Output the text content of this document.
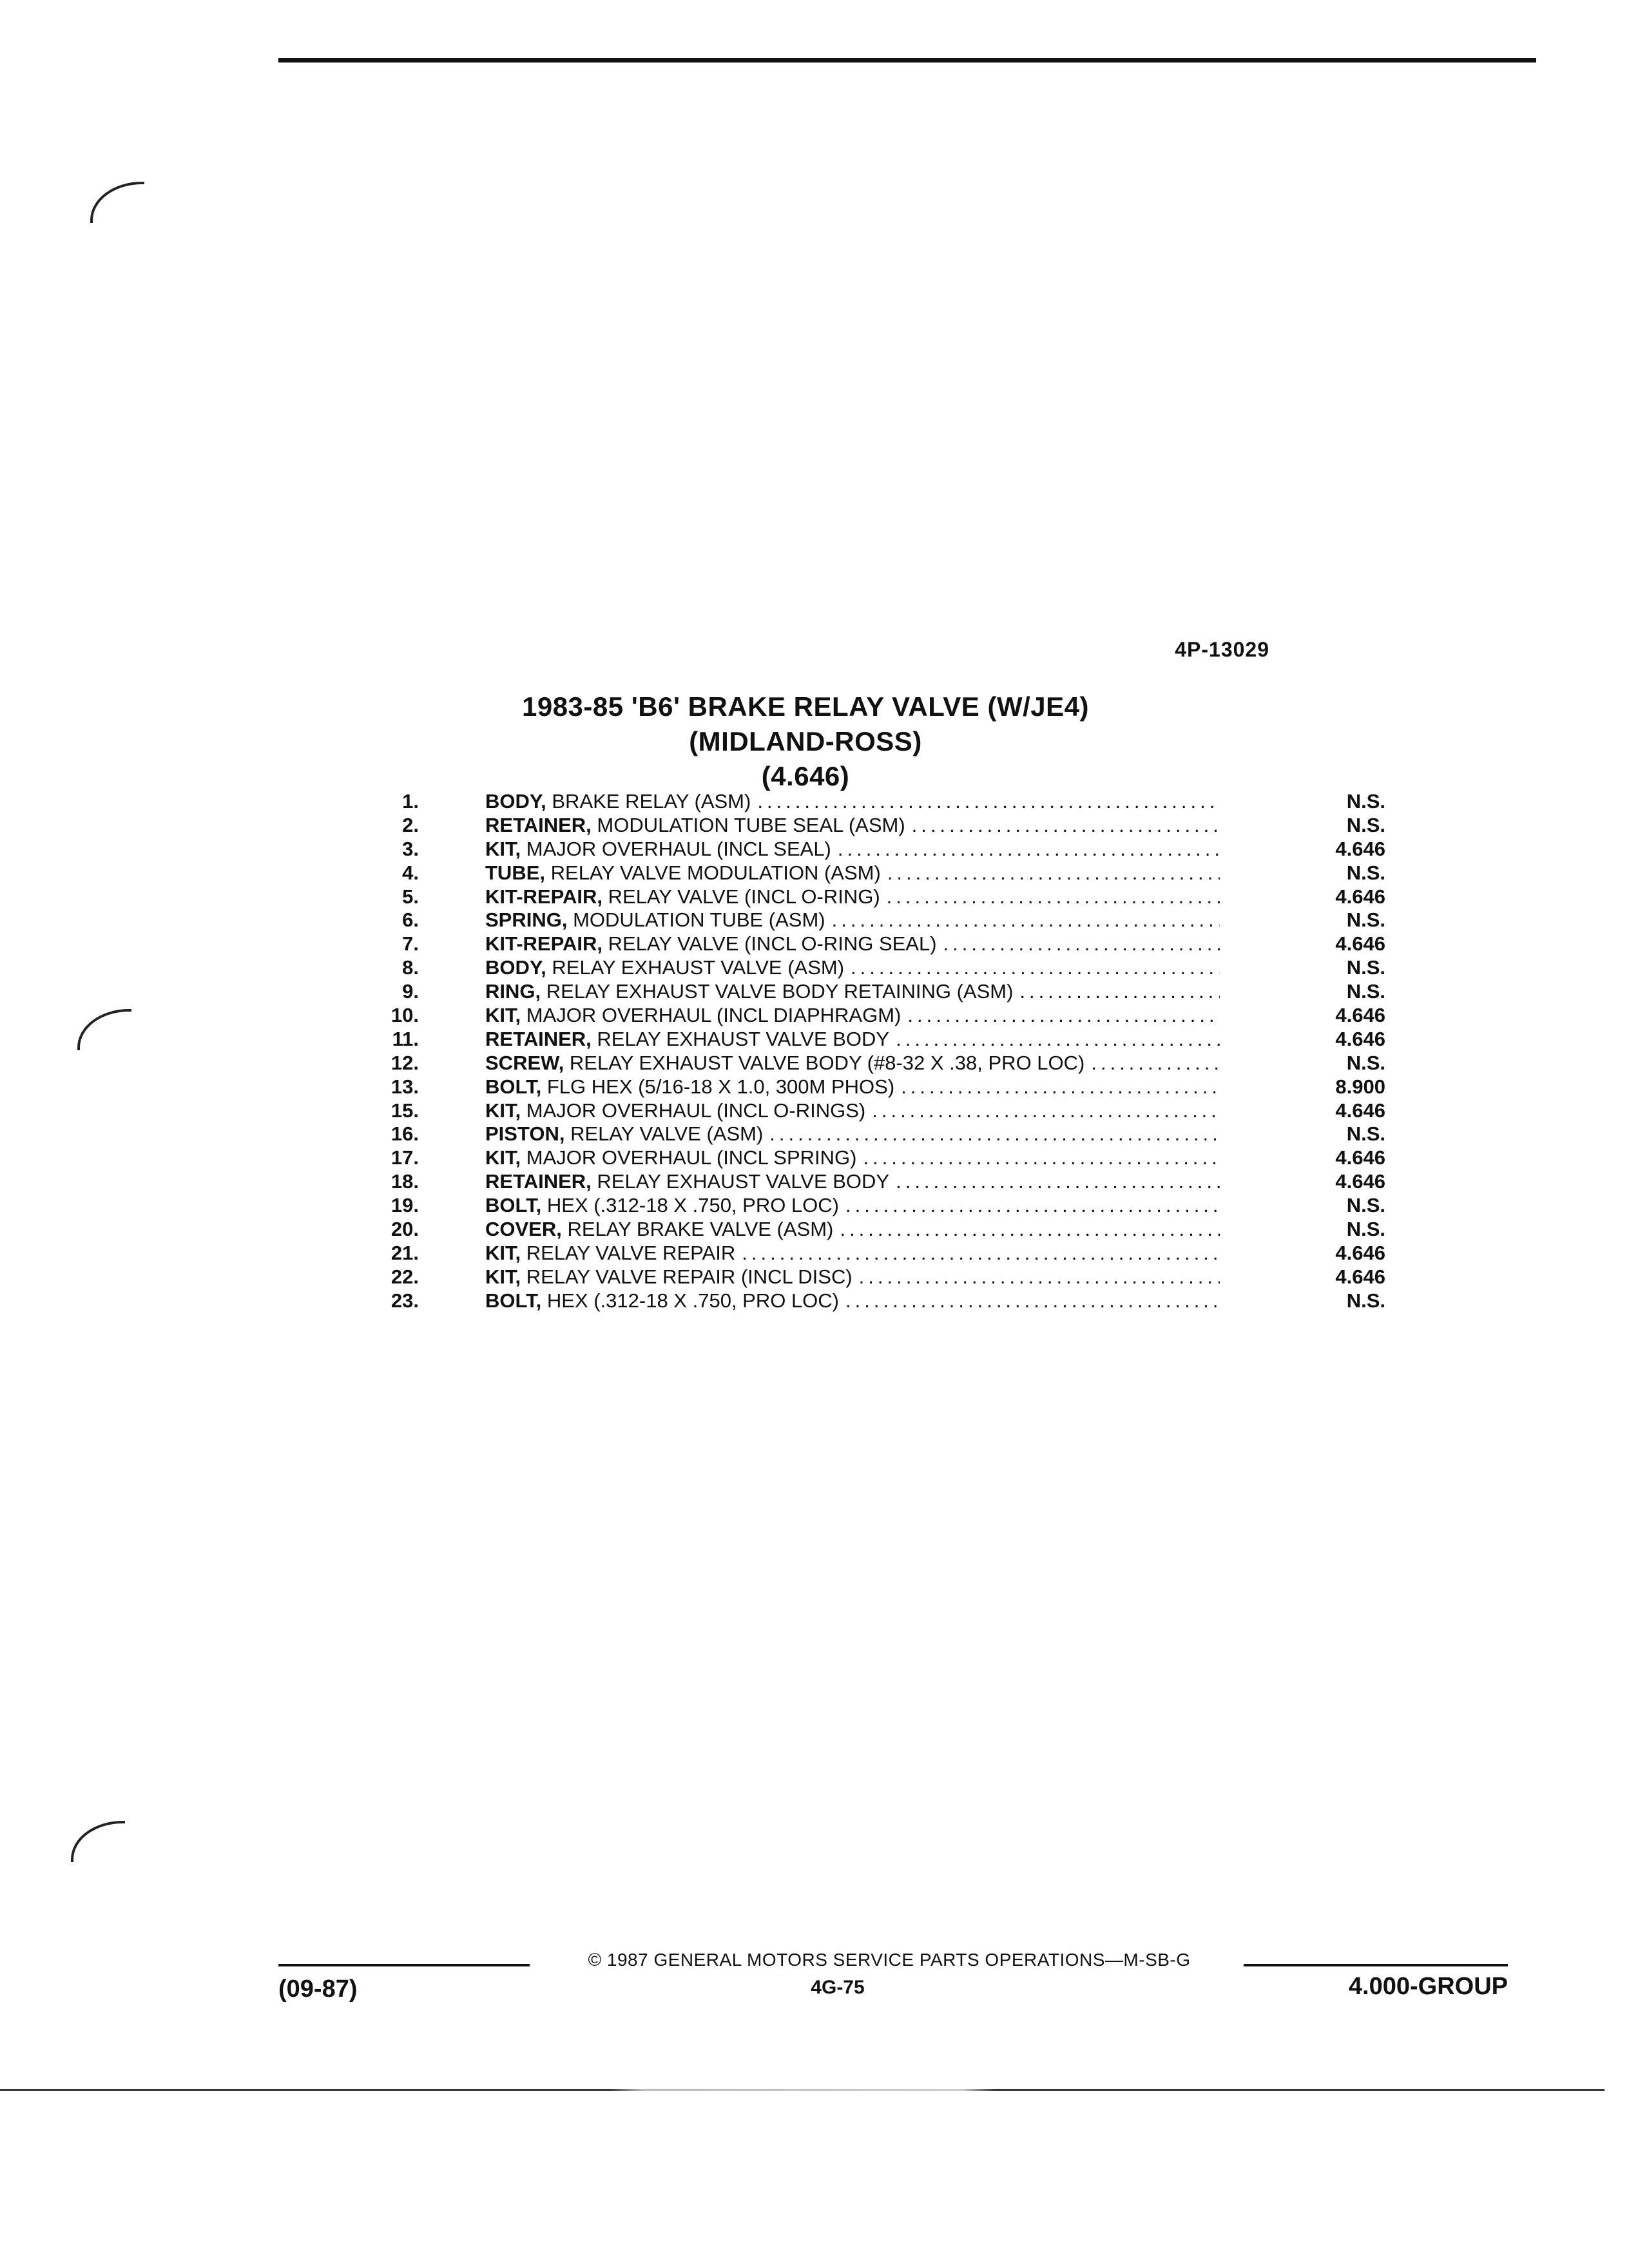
4P-13029
1983-85 'B6' BRAKE RELAY VALVE (W/JE4)
(MIDLAND-ROSS)
(4.646)
1.	BODY, BRAKE RELAY (ASM) .....	N.S.
2.	RETAINER, MODULATION TUBE SEAL (ASM) .....	N.S.
3.	KIT, MAJOR OVERHAUL (INCL SEAL) .....	4.646
4.	TUBE, RELAY VALVE MODULATION (ASM) .....	N.S.
5.	KIT-REPAIR, RELAY VALVE (INCL O-RING) .....	4.646
6.	SPRING, MODULATION TUBE (ASM) .....	N.S.
7.	KIT-REPAIR, RELAY VALVE (INCL O-RING SEAL) .....	4.646
8.	BODY, RELAY EXHAUST VALVE (ASM) .....	N.S.
9.	RING, RELAY EXHAUST VALVE BODY RETAINING (ASM) .....	N.S.
10.	KIT, MAJOR OVERHAUL (INCL DIAPHRAGM) .....	4.646
11.	RETAINER, RELAY EXHAUST VALVE BODY .....	4.646
12.	SCREW, RELAY EXHAUST VALVE BODY (#8-32 X .38, PRO LOC) .....	N.S.
13.	BOLT, FLG HEX (5/16-18 X 1.0, 300M PHOS) .....	8.900
15.	KIT, MAJOR OVERHAUL (INCL O-RINGS) .....	4.646
16.	PISTON, RELAY VALVE (ASM) .....	N.S.
17.	KIT, MAJOR OVERHAUL (INCL SPRING) .....	4.646
18.	RETAINER, RELAY EXHAUST VALVE BODY .....	4.646
19.	BOLT, HEX (.312-18 X .750, PRO LOC) .....	N.S.
20.	COVER, RELAY BRAKE VALVE (ASM) .....	N.S.
21.	KIT, RELAY VALVE REPAIR .....	4.646
22.	KIT, RELAY VALVE REPAIR (INCL DISC) .....	4.646
23.	BOLT, HEX (.312-18 X .750, PRO LOC) .....	N.S.
© 1987 GENERAL MOTORS SERVICE PARTS OPERATIONS—M-SB-G
(09-87)	4G-75	4.000-GROUP
